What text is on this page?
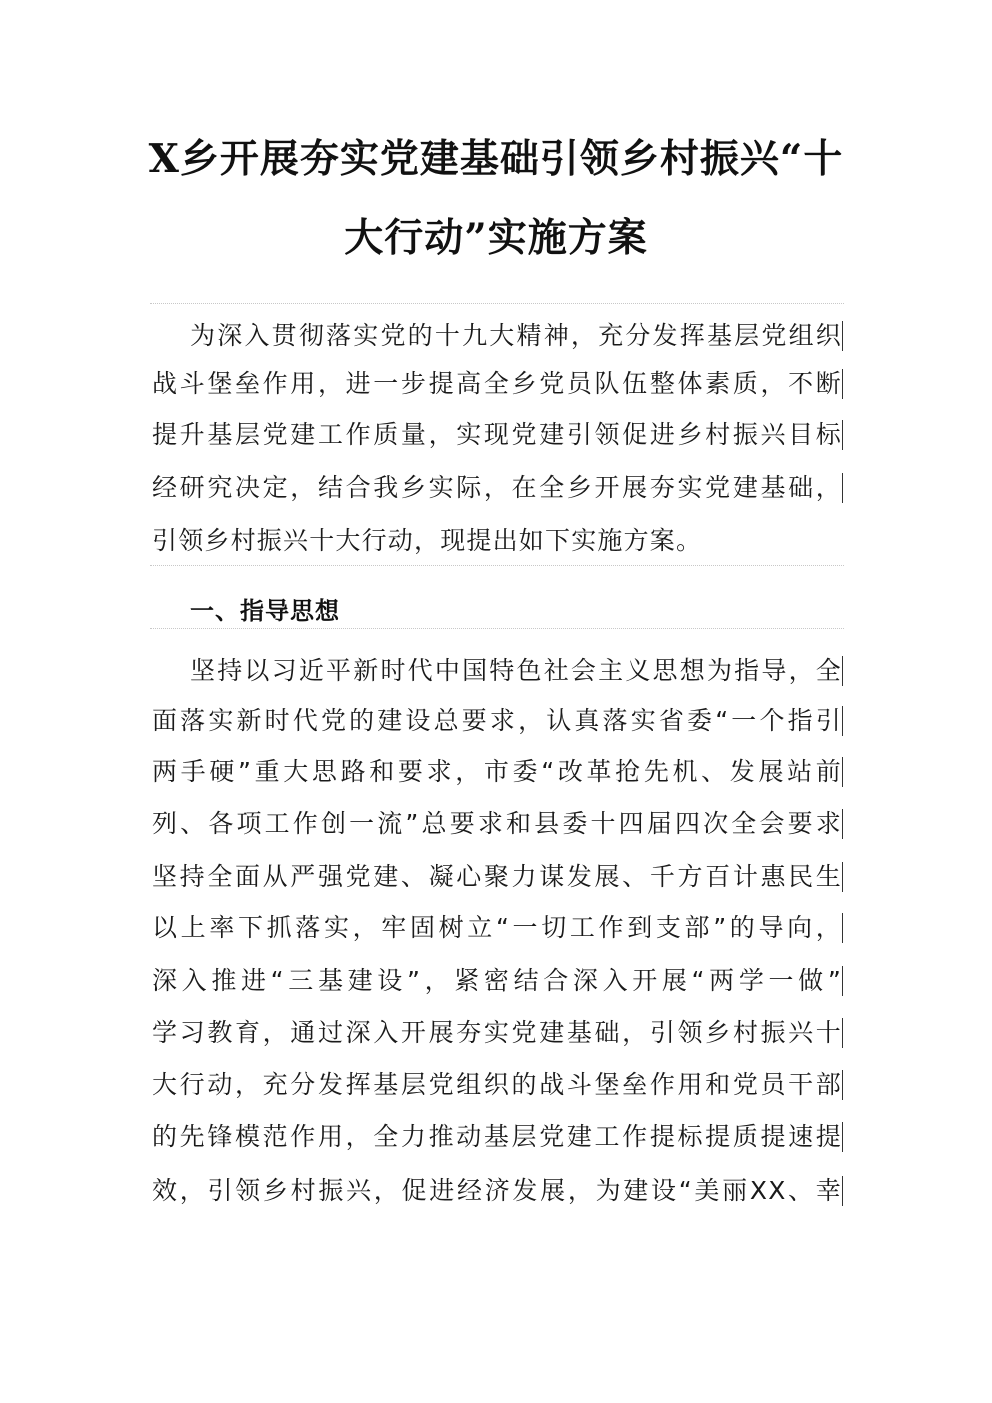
X乡开展夯实党建基础引领乡村振兴“十
大行动”实施方案
为深入贯彻落实党的十九大精神，充分发挥基层党组织
战斗堡垒作用，进一步提高全乡党员队伍整体素质，不断
提升基层党建工作质量，实现党建引领促进乡村振兴目标
经研究决定，结合我乡实际，在全乡开展夯实党建基础，
引领乡村振兴十大行动，现提出如下实施方案。
一、指导思想
坚持以习近平新时代中国特色社会主义思想为指导，全
面落实新时代党的建设总要求，认真落实省委“一个指引
两手硬”重大思路和要求，市委“改革抢先机、发展站前
列、各项工作创一流”总要求和县委十四届四次全会要求
坚持全面从严强党建、凝心聚力谋发展、千方百计惠民生
以上率下抓落实，牢固树立“一切工作到支部”的导向，
深入推进“三基建设”，紧密结合深入开展“两学一做”
学习教育，通过深入开展夯实党建基础，引领乡村振兴十
大行动，充分发挥基层党组织的战斗堡垒作用和党员干部
的先锋模范作用，全力推动基层党建工作提标提质提速提
效，引领乡村振兴，促进经济发展，为建设“美丽XX、幸
